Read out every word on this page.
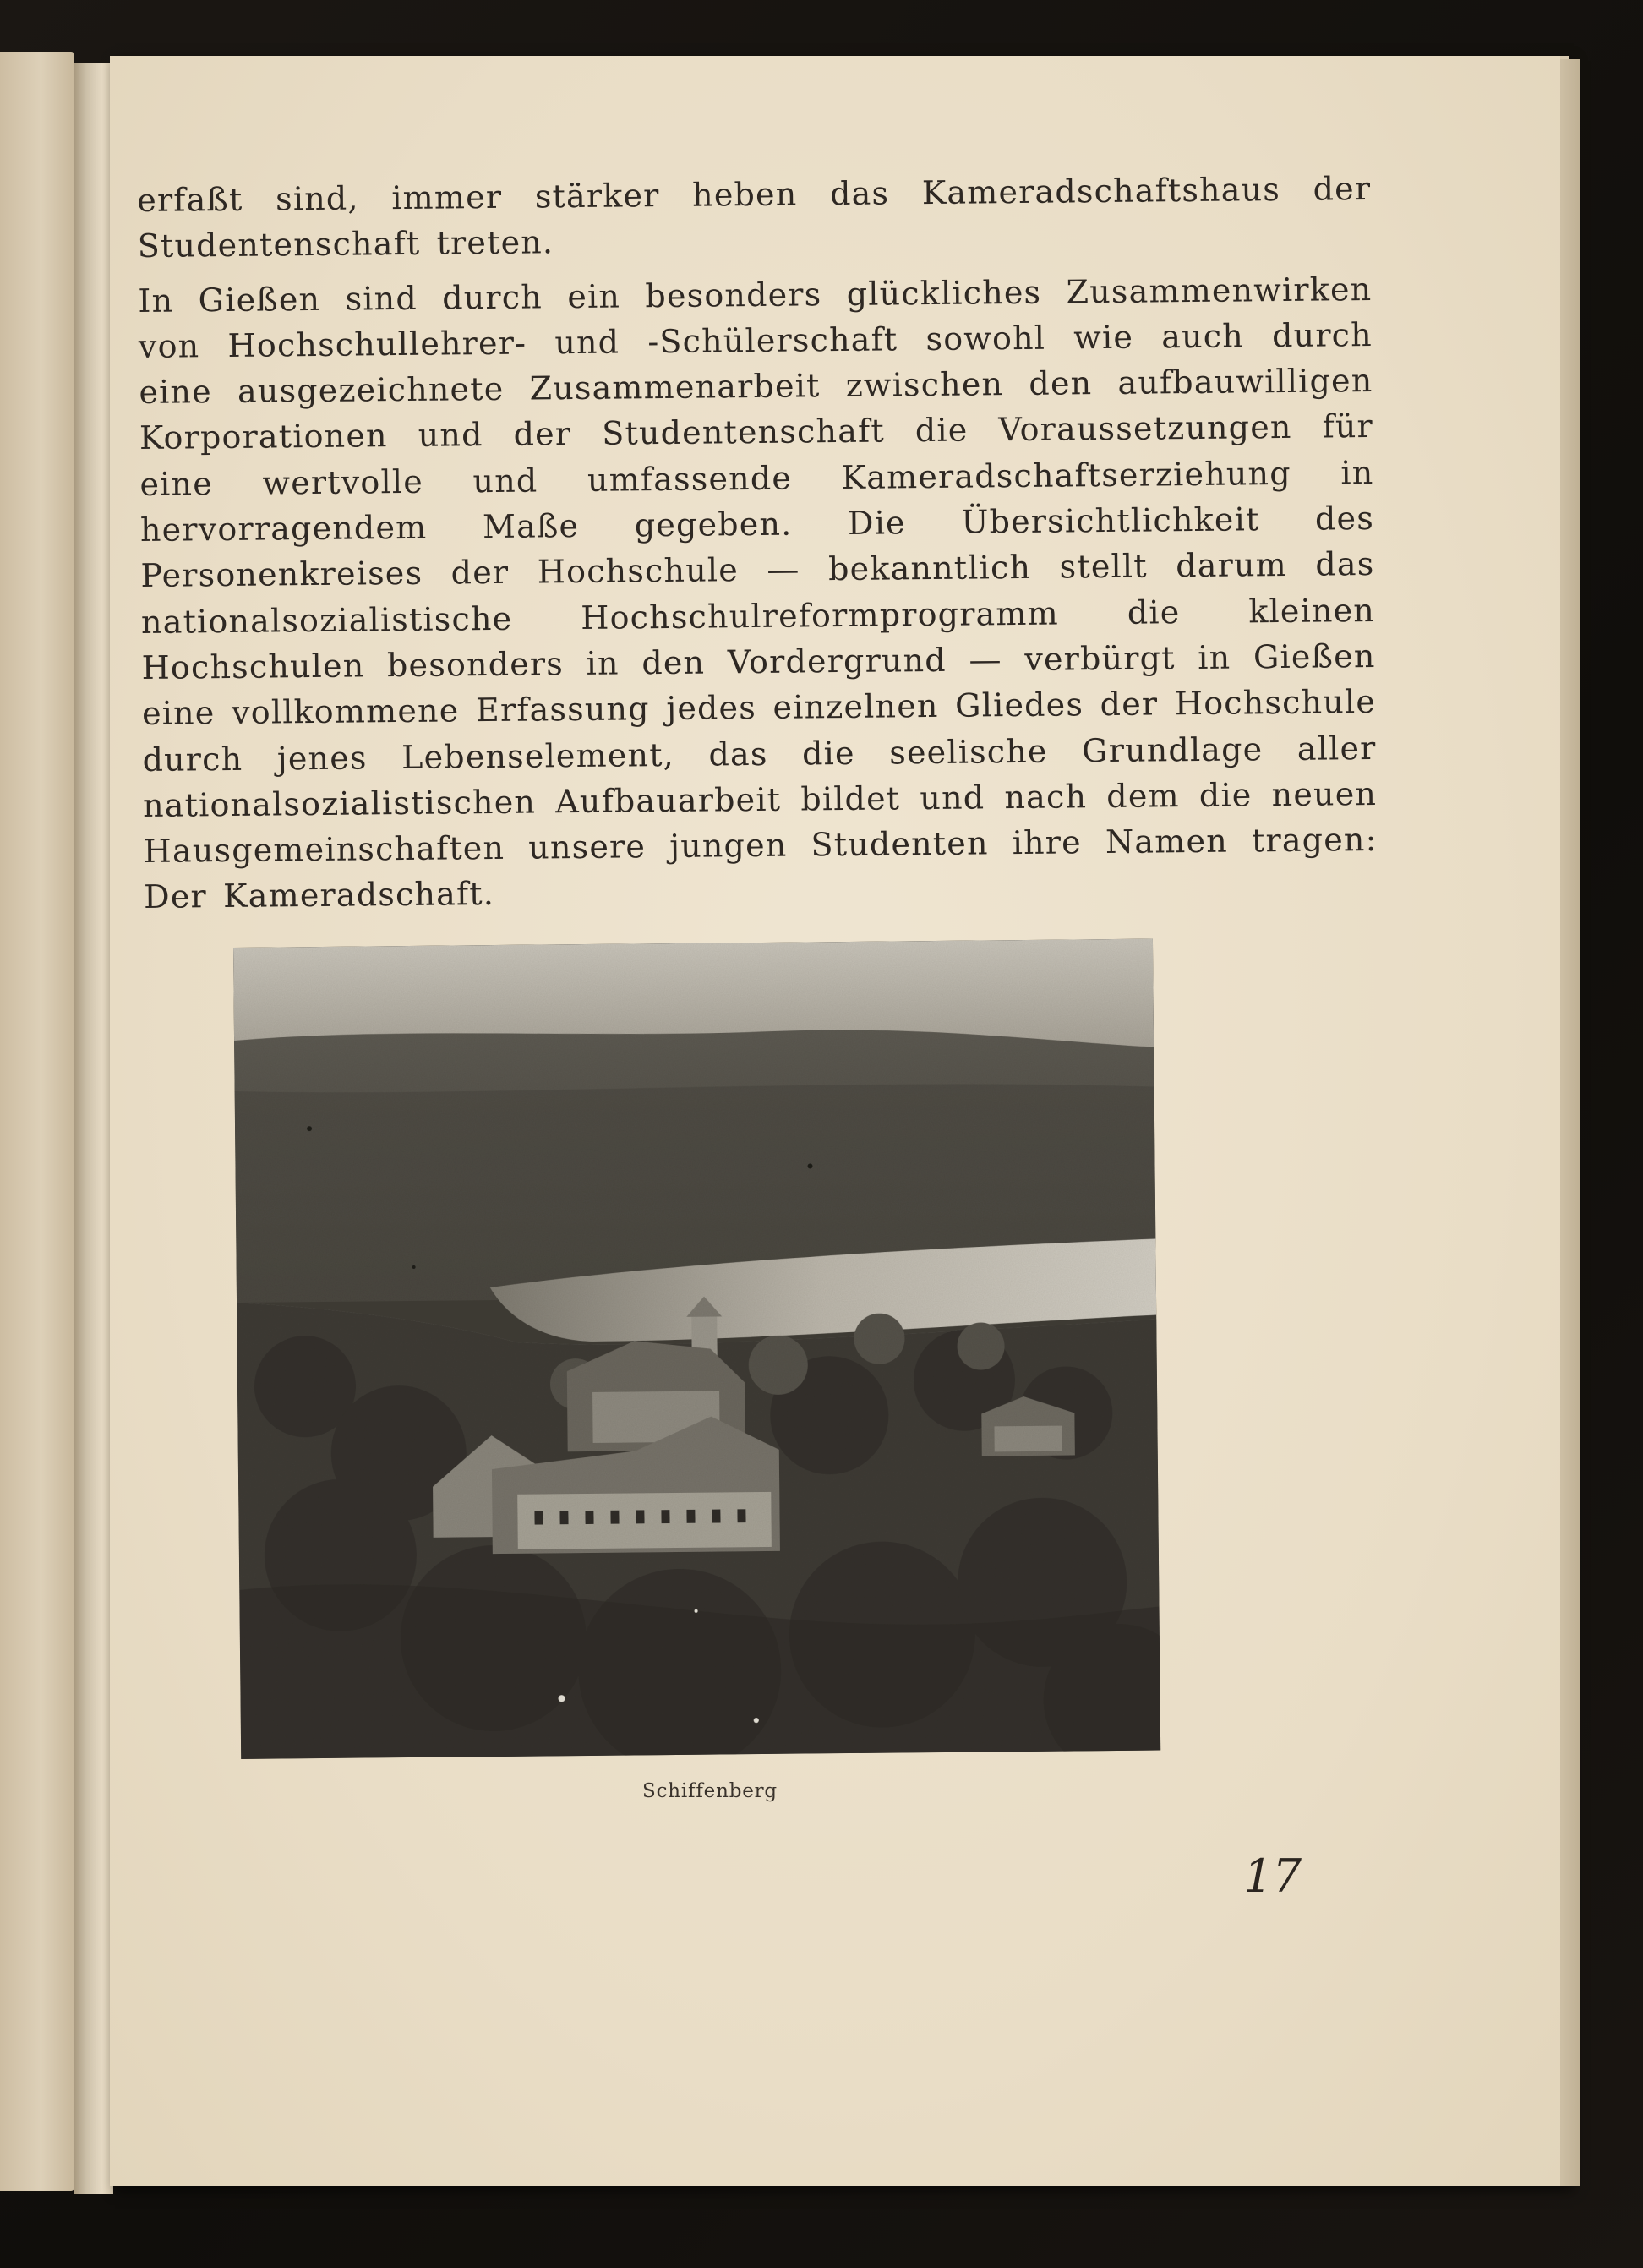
erfaßt sind, immer stärker heben das Kameradschaftshaus der Studentenschaft treten.

In Gießen sind durch ein besonders glückliches Zusammenwirken von Hochschullehrer- und -Schülerschaft sowohl wie auch durch eine ausgezeichnete Zusammenarbeit zwischen den aufbauwilligen Korporationen und der Studentenschaft die Voraussetzungen für eine wertvolle und umfassende Kameradschaftserziehung in hervorragendem Maße gegeben. Die Übersichtlichkeit des Personenkreises der Hochschule — bekanntlich stellt darum das nationalsozialistische Hochschulreformprogramm die kleinen Hochschulen besonders in den Vordergrund — verbürgt in Gießen eine vollkommene Erfassung jedes einzelnen Gliedes der Hochschule durch jenes Lebenselement, das die seelische Grundlage aller nationalsozialistischen Aufbauarbeit bildet und nach dem die neuen Hausgemeinschaften unsere jungen Studenten ihre Namen tragen: Der Kameradschaft.

Schiffenberg
17
